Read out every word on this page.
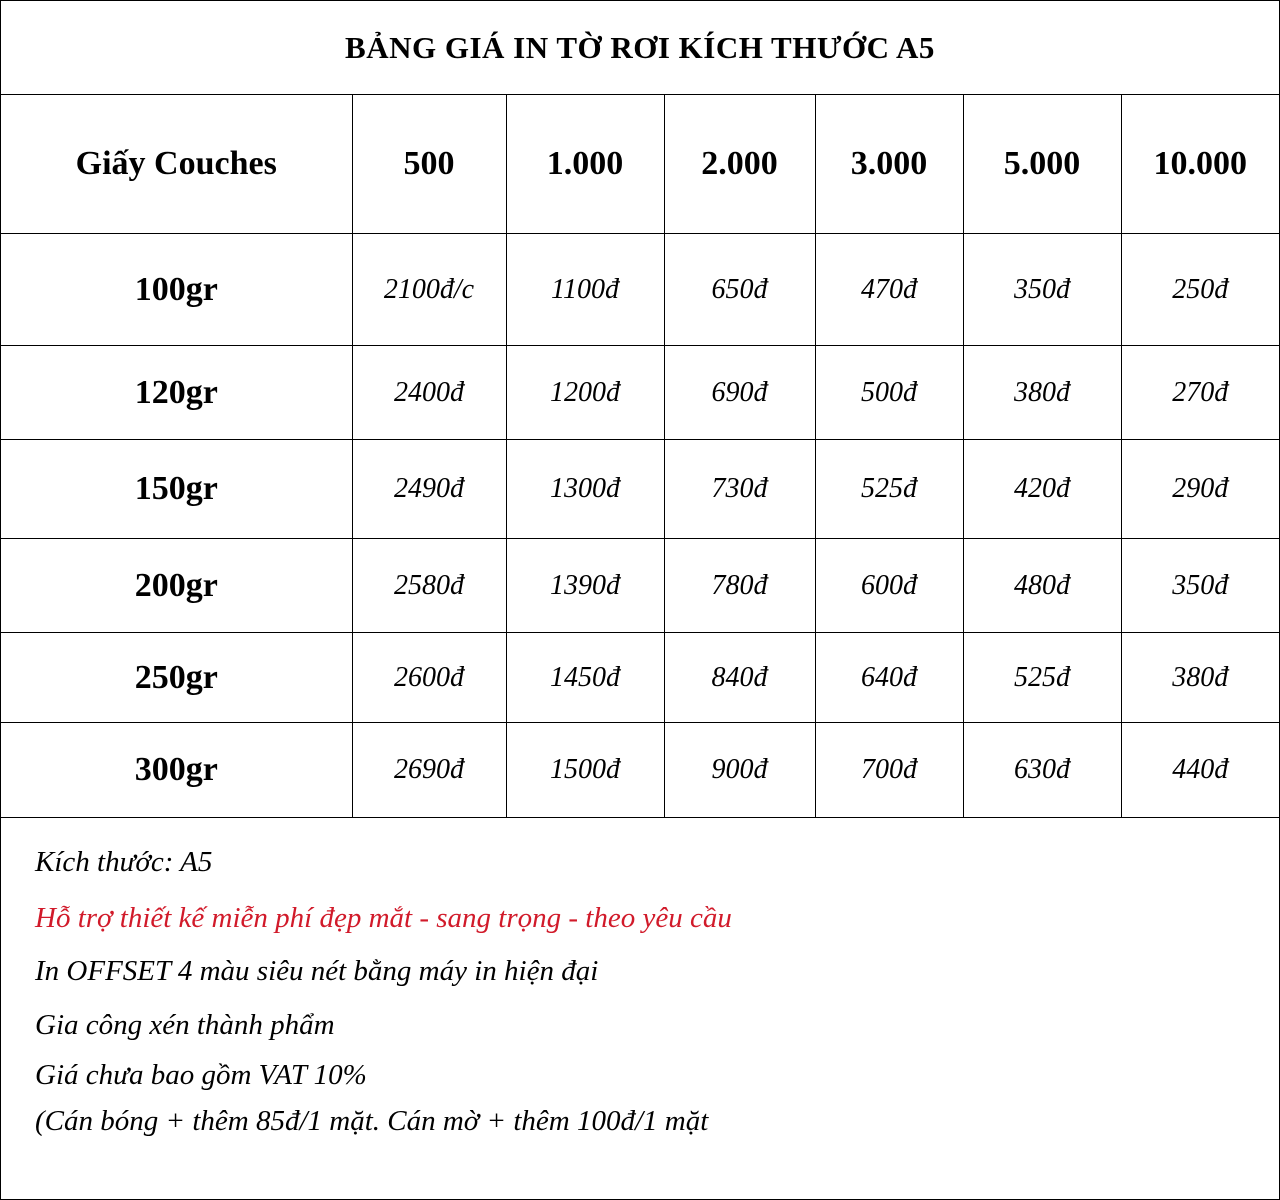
BẢNG GIÁ IN TỜ RƠI KÍCH THƯỚC A5
Giấy Couches	500	1.000	2.000	3.000	5.000	10.000
100gr	2100đ/c	1100đ	650đ	470đ	350đ	250đ
120gr	2400đ	1200đ	690đ	500đ	380đ	270đ
150gr	2490đ	1300đ	730đ	525đ	420đ	290đ
200gr	2580đ	1390đ	780đ	600đ	480đ	350đ
250gr	2600đ	1450đ	840đ	640đ	525đ	380đ
300gr	2690đ	1500đ	900đ	700đ	630đ	440đ
Kích thước: A5
Hỗ trợ thiết kế miễn phí đẹp mắt - sang trọng - theo yêu cầu
In OFFSET 4 màu siêu nét bằng máy in hiện đại
Gia công xén thành phẩm
Giá chưa bao gồm VAT 10%
(Cán bóng + thêm 85đ/1 mặt. Cán mờ + thêm 100đ/1 mặt
